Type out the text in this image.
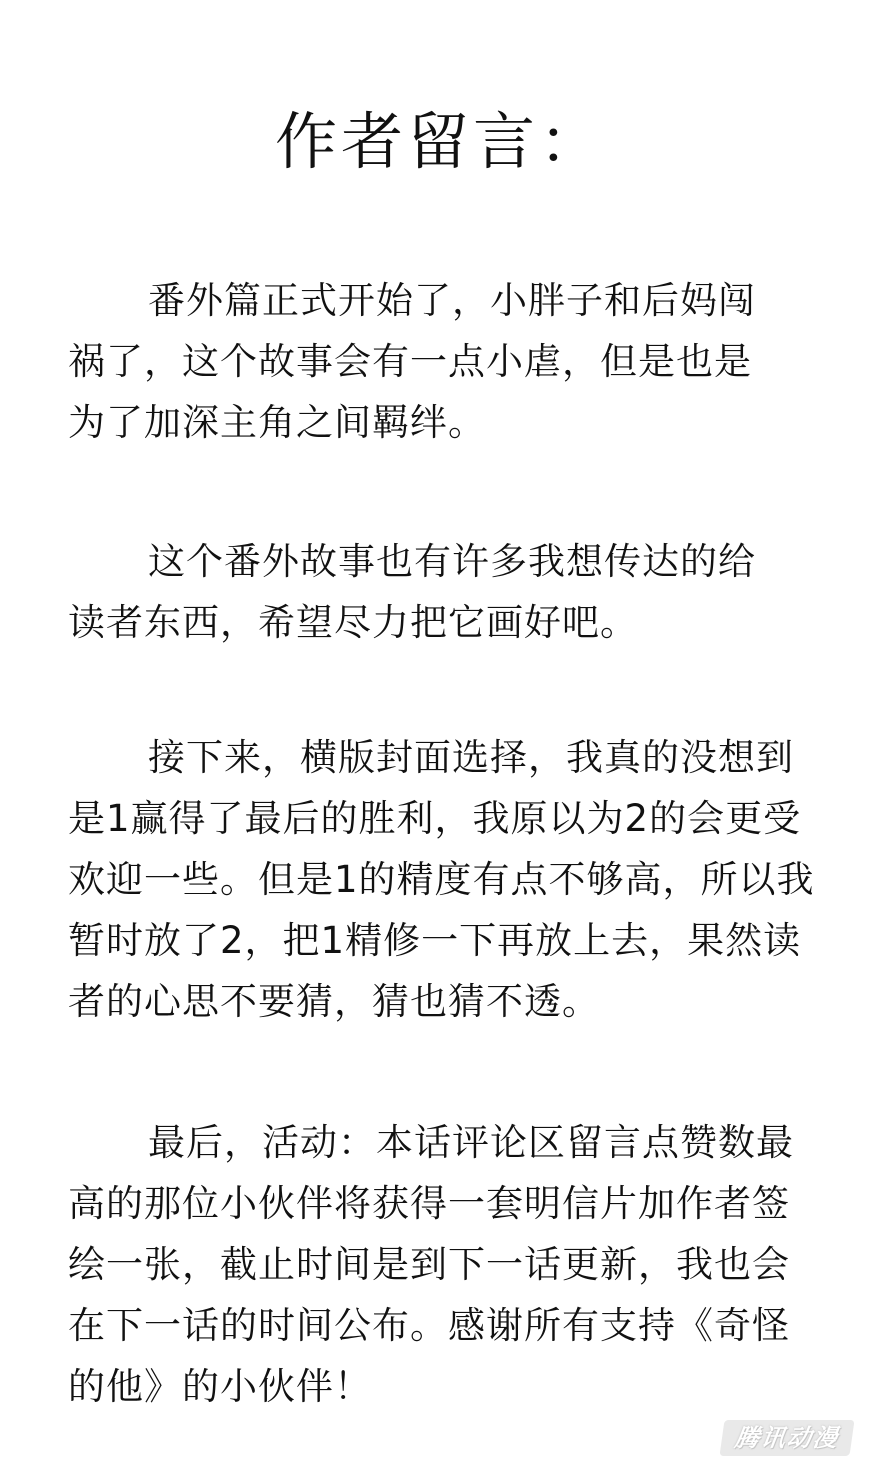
作者留言：
番外篇正式开始了，小胖子和后妈闯
祸了，这个故事会有一点小虐，但是也是
为了加深主角之间羁绊。
这个番外故事也有许多我想传达的给
读者东西，希望尽力把它画好吧。
接下来，横版封面选择，我真的没想到
是1赢得了最后的胜利，我原以为2的会更受
欢迎一些。但是1的精度有点不够高，所以我
暂时放了2，把1精修一下再放上去，果然读
者的心思不要猜，猜也猜不透。
最后，活动：本话评论区留言点赞数最
高的那位小伙伴将获得一套明信片加作者签
绘一张，截止时间是到下一话更新，我也会
在下一话的时间公布。感谢所有支持《奇怪
的他》的小伙伴！
腾讯动漫
